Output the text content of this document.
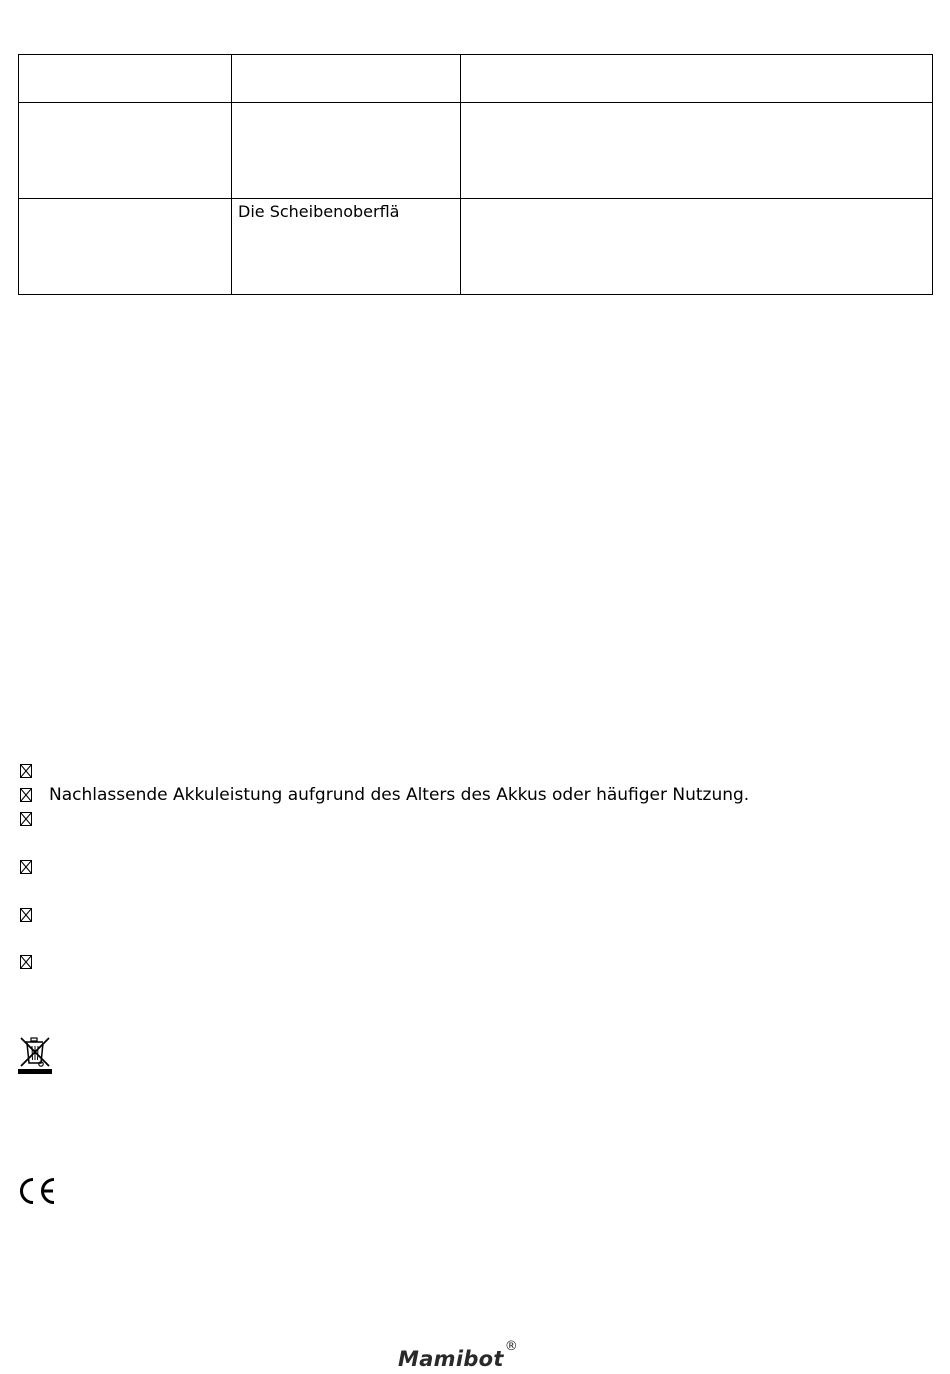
	Die Scheibenoberflä	

Nachlassende Akkuleistung aufgrund des Alters des Akkus oder häufiger Nutzung.
Mamibot
®
